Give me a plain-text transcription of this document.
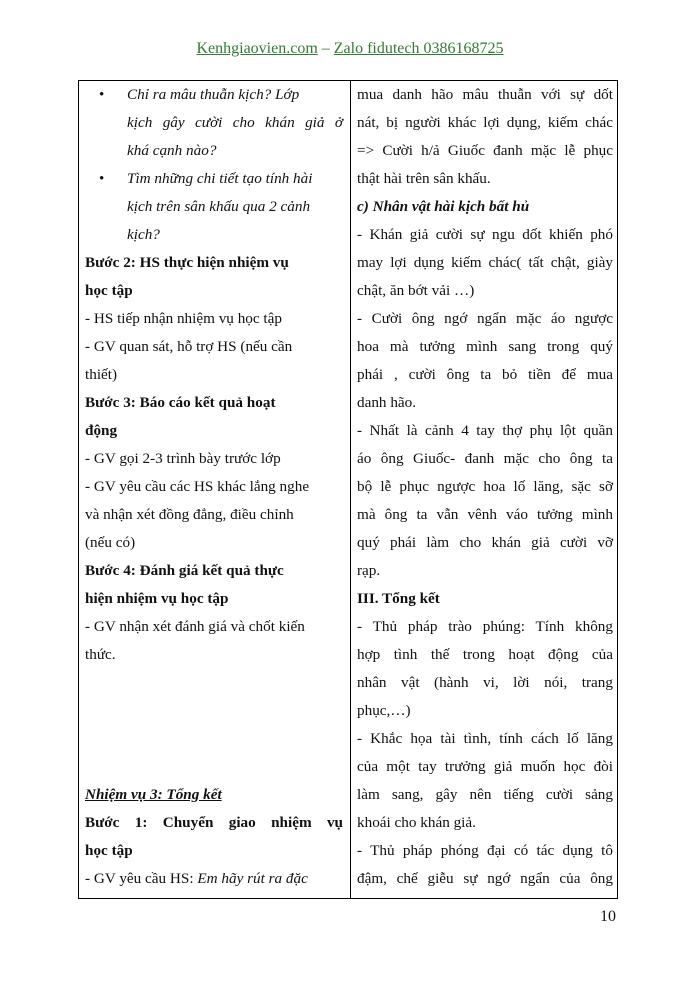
Kenhgiaovien.com – Zalo fidutech 0386168725
• Chỉ ra mâu thuẫn kịch? Lớp
kịch gây cười cho khán giả ở
khá cạnh nào?
• Tìm những chi tiết tạo tính hài
kịch trên sân khấu qua 2 cảnh
kịch?
Bước 2: HS thực hiện nhiệm vụ
học tập
- HS tiếp nhận nhiệm vụ học tập
- GV quan sát, hỗ trợ HS (nếu cần
thiết)
Bước 3: Báo cáo kết quả hoạt
động
- GV gọi 2-3 trình bày trước lớp
- GV yêu cầu các HS khác lắng nghe
và nhận xét đồng đẳng, điều chỉnh
(nếu có)
Bước 4: Đánh giá kết quả thực
hiện nhiệm vụ học tập
- GV nhận xét đánh giá và chốt kiến
thức.
Nhiệm vụ 3: Tổng kết
Bước 1: Chuyển giao nhiệm vụ
học tập
- GV yêu cầu HS: Em hãy rút ra đặc
mua danh hão mâu thuẫn với sự dốt
nát, bị người khác lợi dụng, kiếm chác
=> Cười h/ả Giuốc đanh mặc lễ phục
thật hài trên sân khấu.
c) Nhân vật hài kịch bất hủ
- Khán giả cười sự ngu dốt khiến phó
may lợi dụng kiếm chác( tất chật, giày
chật, ăn bớt vải …)
- Cười ông ngớ ngẩn mặc áo ngược
hoa mà tưởng mình sang trong quý
phái , cười ông ta bỏ tiền để mua
danh hão.
- Nhất là cảnh 4 tay thợ phụ lột quần
áo ông Giuốc- đanh mặc cho ông ta
bộ lễ phục ngược hoa lố lăng, sặc sỡ
mà ông ta vẫn vênh váo tưởng mình
quý phái làm cho khán giả cười vỡ
rạp.
III. Tổng kết
- Thủ pháp trào phúng: Tính không
hợp tình thế trong hoạt động của
nhân vật (hành vi, lời nói, trang
phục,…)
- Khắc họa tài tình, tính cách lố lăng
của một tay trưởng giả muốn học đòi
làm sang, gây nên tiếng cười sảng
khoái cho khán giả.
- Thủ pháp phóng đại có tác dụng tô
đậm, chế giễu sự ngớ ngẩn của ông
10
